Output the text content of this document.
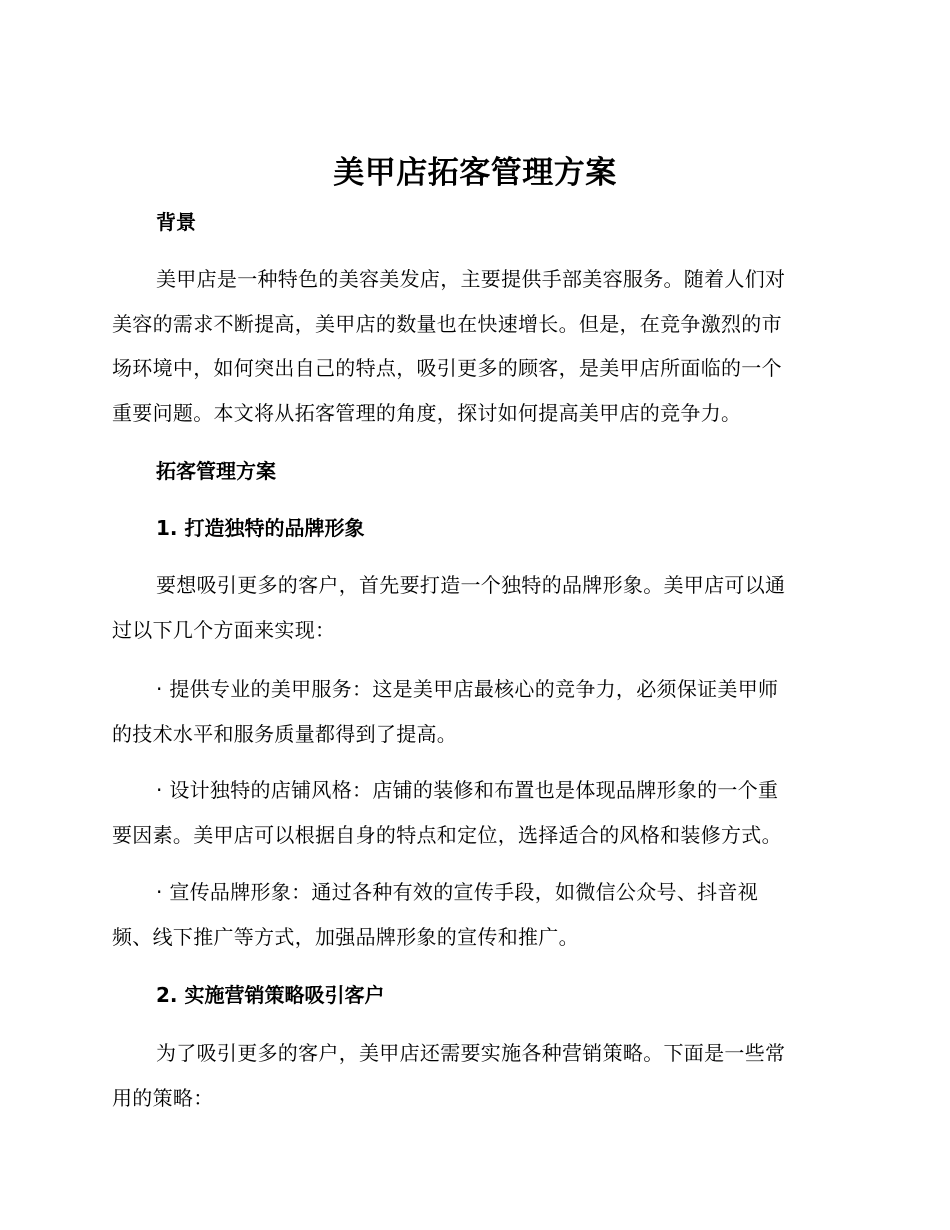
美甲店拓客管理方案
背景
美甲店是一种特色的美容美发店，主要提供手部美容服务。随着人们对
美容的需求不断提高，美甲店的数量也在快速增长。但是，在竞争激烈的市
场环境中，如何突出自己的特点，吸引更多的顾客，是美甲店所面临的一个
重要问题。本文将从拓客管理的角度，探讨如何提高美甲店的竞争力。
拓客管理方案
1. 打造独特的品牌形象
要想吸引更多的客户，首先要打造一个独特的品牌形象。美甲店可以通
过以下几个方面来实现：
· 提供专业的美甲服务：这是美甲店最核心的竞争力，必须保证美甲师
的技术水平和服务质量都得到了提高。
· 设计独特的店铺风格：店铺的装修和布置也是体现品牌形象的一个重
要因素。美甲店可以根据自身的特点和定位，选择适合的风格和装修方式。
· 宣传品牌形象：通过各种有效的宣传手段，如微信公众号、抖音视
频、线下推广等方式，加强品牌形象的宣传和推广。
2. 实施营销策略吸引客户
为了吸引更多的客户，美甲店还需要实施各种营销策略。下面是一些常
用的策略：
